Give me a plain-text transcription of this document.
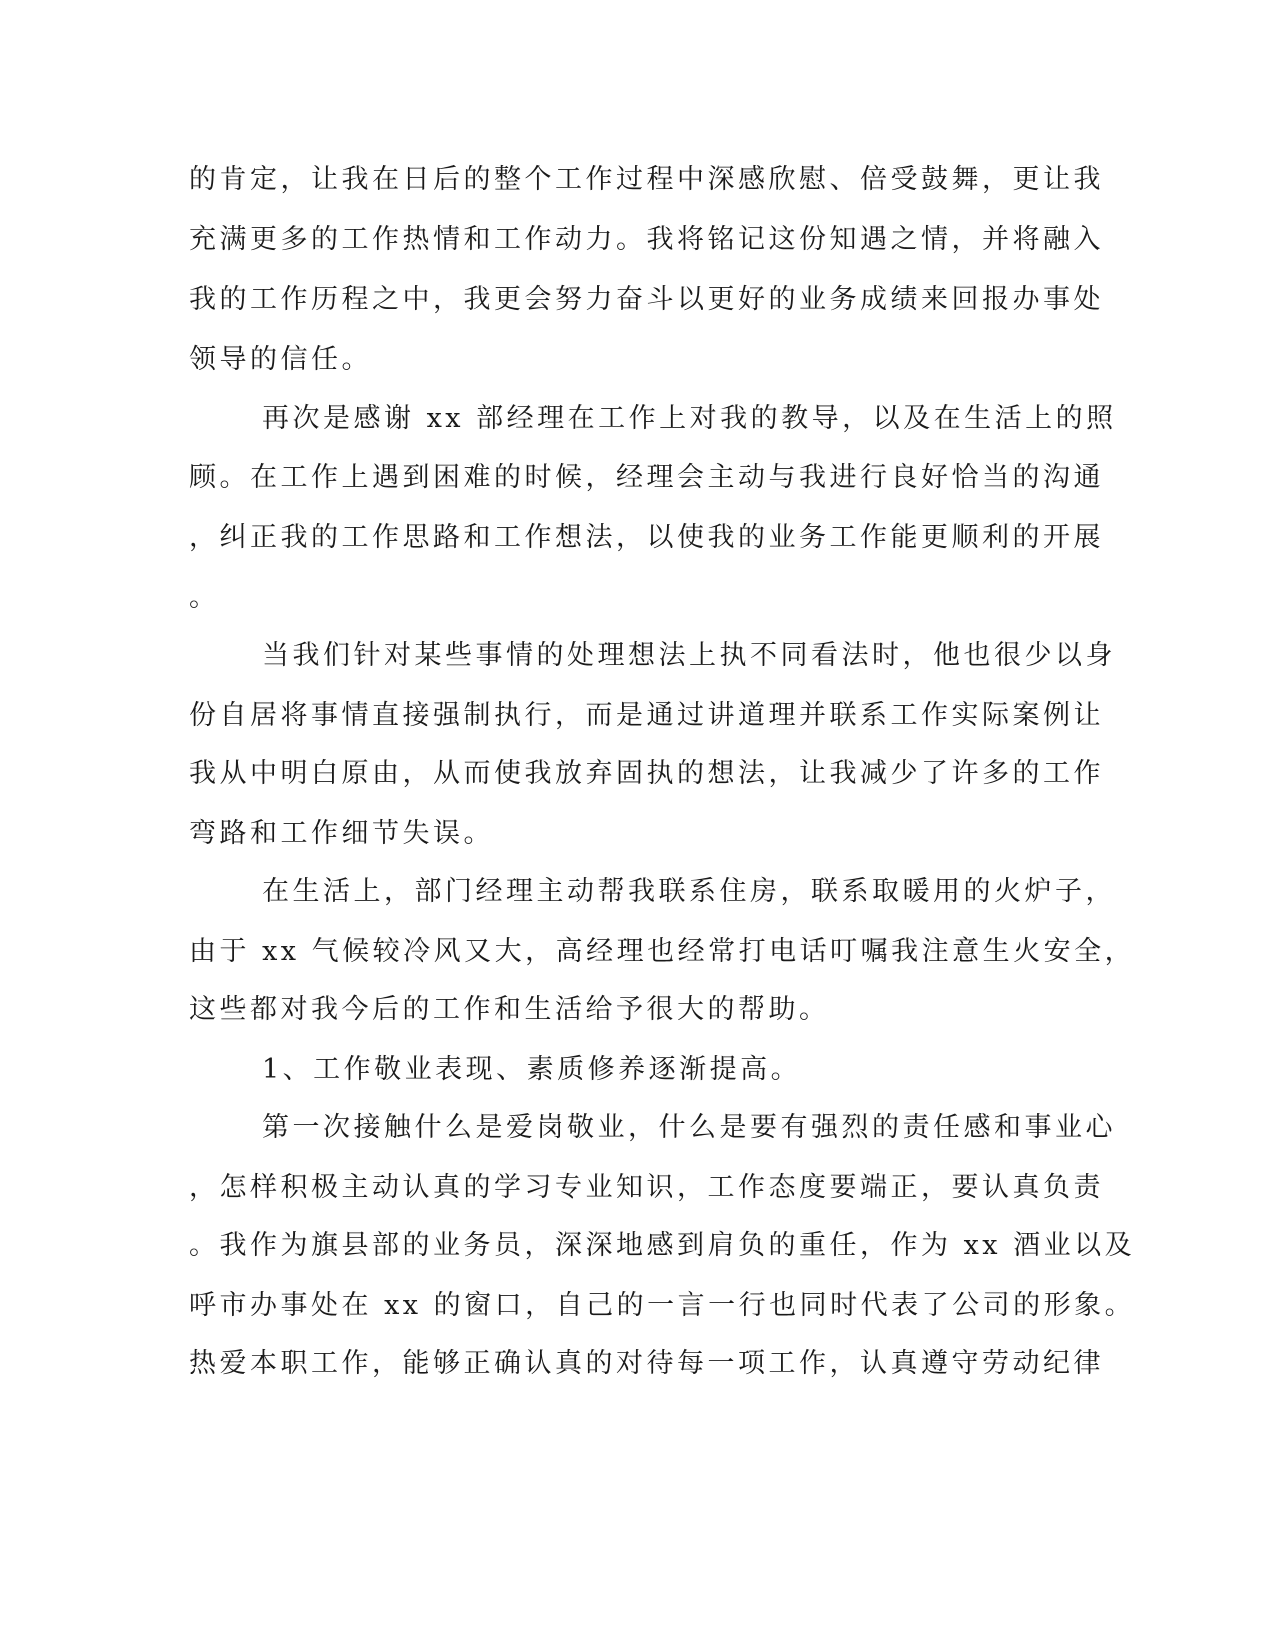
的肯定，让我在日后的整个工作过程中深感欣慰、倍受鼓舞，更让我
充满更多的工作热情和工作动力。我将铭记这份知遇之情，并将融入
我的工作历程之中，我更会努力奋斗以更好的业务成绩来回报办事处
领导的信任。
再次是感谢 xx 部经理在工作上对我的教导，以及在生活上的照
顾。在工作上遇到困难的时候，经理会主动与我进行良好恰当的沟通
，纠正我的工作思路和工作想法，以使我的业务工作能更顺利的开展
。
当我们针对某些事情的处理想法上执不同看法时，他也很少以身
份自居将事情直接强制执行，而是通过讲道理并联系工作实际案例让
我从中明白原由，从而使我放弃固执的想法，让我减少了许多的工作
弯路和工作细节失误。
在生活上，部门经理主动帮我联系住房，联系取暖用的火炉子，
由于 xx 气候较冷风又大，高经理也经常打电话叮嘱我注意生火安全，
这些都对我今后的工作和生活给予很大的帮助。
1、工作敬业表现、素质修养逐渐提高。
第一次接触什么是爱岗敬业，什么是要有强烈的责任感和事业心
，怎样积极主动认真的学习专业知识，工作态度要端正，要认真负责
。我作为旗县部的业务员，深深地感到肩负的重任，作为 xx 酒业以及
呼市办事处在 xx 的窗口，自己的一言一行也同时代表了公司的形象。
热爱本职工作，能够正确认真的对待每一项工作，认真遵守劳动纪律
